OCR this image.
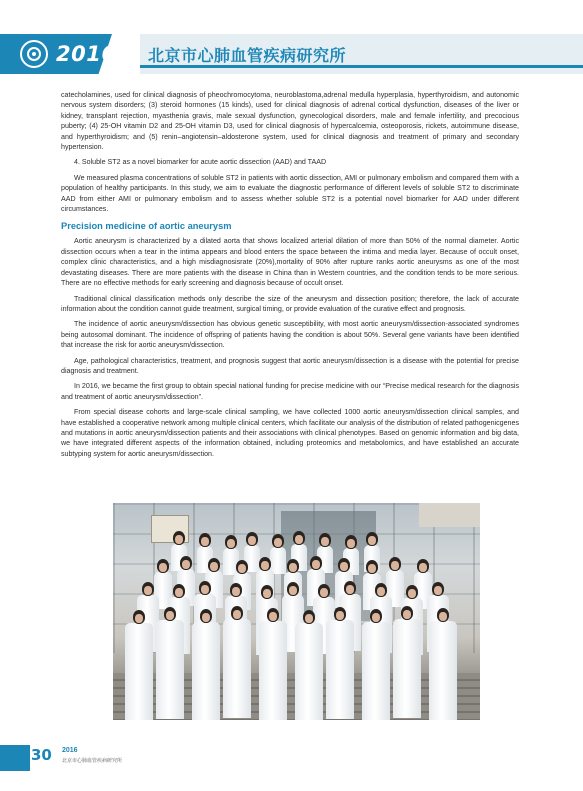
2016 北京市心肺血管疾病研究所

catecholamines, used for clinical diagnosis of pheochromocytoma, neuroblastoma,adrenal medulla hyperplasia, hyperthyroidism, and autonomic nervous system disorders; (3) steroid hormones (15 kinds), used for clinical diagnosis of adrenal cortical dysfunction, diseases of the liver or kidney, transplant rejection, myasthenia gravis, male sexual dysfunction, gynecological disorders, male and female infertility, and precocious puberty; (4) 25-OH vitamin D2 and 25-OH vitamin D3, used for clinical diagnosis of hypercalcemia, osteoporosis, rickets, autoimmune disease, and hyperthyroidism; and (5) renin–angiotensin–aldosterone system, used for clinical diagnosis and treatment of primary and secondary hypertension.

4. Soluble ST2 as a novel biomarker for acute aortic dissection (AAD) and TAAD

We measured plasma concentrations of soluble ST2 in patients with aortic dissection, AMI or pulmonary embolism and compared them with a population of healthy participants. In this study, we aim to evaluate the diagnostic performance of different levels of soluble ST2 to discriminate AAD from either AMI or pulmonary embolism and to assess whether soluble ST2 is a potential novel biomarker for AAD under different circumstances.

Precision medicine of aortic aneurysm

Aortic aneurysm is characterized by a dilated aorta that shows localized arterial dilation of more than 50% of the normal diameter. Aortic dissection occurs when a tear in the intima appears and blood enters the space between the intima and media layer. Because of occult onset, complex clinic characteristics, and a high misdiagnosisrate (20%),mortality of 90% after rupture ranks aortic aneurysms as one of the most devastating diseases. There are more patients with the disease in China than in Western countries, and the condition tends to be more serious. There are no effective methods for early screening and diagnosis because of occult onset.

Traditional clinical classification methods only describe the size of the aneurysm and dissection position; therefore, the lack of accurate information about the condition cannot guide treatment, surgical timing, or provide evaluation of the curative effect and prognosis.

The incidence of aortic aneurysm/dissection has obvious genetic susceptibility, with most aortic aneurysm/dissection-associated syndromes being autosomal dominant. The incidence of offspring of patients having the condition is about 50%. Several gene variants have been identified that increase the risk for aortic aneurysm/dissection.

Age, pathological characteristics, treatment, and prognosis suggest that aortic aneurysm/dissection is a disease with the potential for precise diagnosis and treatment.

In 2016, we became the first group to obtain special national funding for precise medicine with our “Precise medical research for the diagnosis and treatment of aortic aneurysm/dissection”.

From special disease cohorts and large-scale clinical sampling, we have collected 1000 aortic aneurysm/dissection clinical samples, and have established a cooperative network among multiple clinical centers, which facilitate our analysis of the distribution of related pathogenicgenes and mutations in aortic aneurysm/dissection patients and their associations with clinical phenotypes. Based on genomic information and big data, we have integrated different aspects of the information obtained, including proteomics and metabolomics, and have established an accurate subtyping system for aortic aneurysm/dissection.

30 2016
北京市心肺血管疾病研究所
